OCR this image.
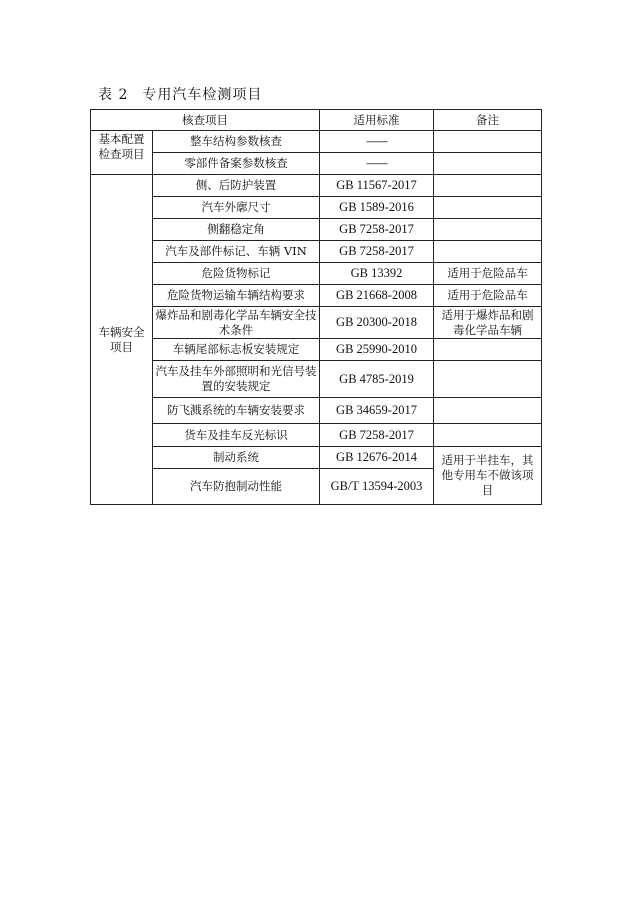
表 2 专用汽车检测项目
核查项目		适用标准	备注

基本配置检查项目	整车结构参数核查	——	
	零部件备案参数核查	——	
车辆安全项目	侧、后防护装置	GB 11567-2017	
	汽车外廓尺寸	GB 1589-2016	
	侧翻稳定角	GB 7258-2017	
	汽车及部件标记、车辆 VIN	GB 7258-2017	
	危险货物标记	GB 13392	适用于危险品车
	危险货物运输车辆结构要求	GB 21668-2008	适用于危险品车
	爆炸品和剧毒化学品车辆安全技术条件	GB 20300-2018	适用于爆炸品和剧毒化学品车辆
	车辆尾部标志板安装规定	GB 25990-2010	
	汽车及挂车外部照明和光信号装置的安装规定	GB 4785-2019	
	防飞溅系统的车辆安装要求	GB 34659-2017	
	货车及挂车反光标识	GB 7258-2017	
	制动系统	GB 12676-2014	适用于半挂车，其他专用车不做该项目
	汽车防抱制动性能	GB/T 13594-2003	
